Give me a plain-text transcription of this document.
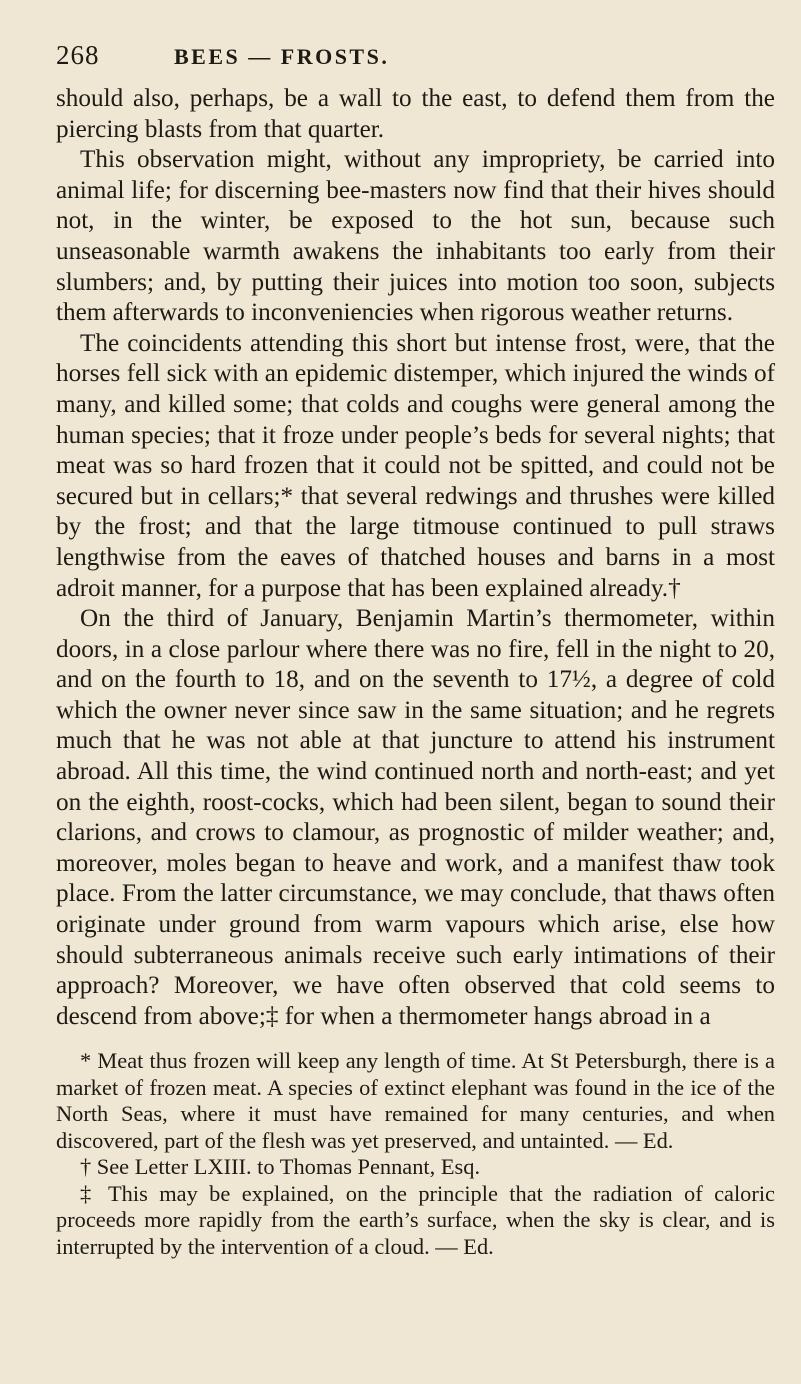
268	BEES — FROSTS.

should also, perhaps, be a wall to the east, to defend them from the piercing blasts from that quarter.

This observation might, without any impropriety, be carried into animal life; for discerning bee-masters now find that their hives should not, in the winter, be exposed to the hot sun, because such unseasonable warmth awakens the inhabitants too early from their slumbers; and, by putting their juices into motion too soon, subjects them afterwards to inconveniencies when rigorous weather returns.

The coincidents attending this short but intense frost, were, that the horses fell sick with an epidemic distemper, which injured the winds of many, and killed some; that colds and coughs were general among the human species; that it froze under people’s beds for several nights; that meat was so hard frozen that it could not be spitted, and could not be secured but in cellars;* that several redwings and thrushes were killed by the frost; and that the large titmouse continued to pull straws lengthwise from the eaves of thatched houses and barns in a most adroit manner, for a purpose that has been explained already.†

On the third of January, Benjamin Martin’s thermometer, within doors, in a close parlour where there was no fire, fell in the night to 20, and on the fourth to 18, and on the seventh to 17½, a degree of cold which the owner never since saw in the same situation; and he regrets much that he was not able at that juncture to attend his instrument abroad. All this time, the wind continued north and north-east; and yet on the eighth, roost-cocks, which had been silent, began to sound their clarions, and crows to clamour, as prognostic of milder weather; and, moreover, moles began to heave and work, and a manifest thaw took place. From the latter circumstance, we may conclude, that thaws often originate under ground from warm vapours which arise, else how should subterraneous animals receive such early intimations of their approach? Moreover, we have often observed that cold seems to descend from above;‡ for when a thermometer hangs abroad in a

* Meat thus frozen will keep any length of time. At St Petersburgh, there is a market of frozen meat. A species of extinct elephant was found in the ice of the North Seas, where it must have remained for many centuries, and when discovered, part of the flesh was yet preserved, and untainted. — Ed.

† See Letter LXIII. to Thomas Pennant, Esq.

‡ This may be explained, on the principle that the radiation of caloric proceeds more rapidly from the earth’s surface, when the sky is clear, and is interrupted by the intervention of a cloud. — Ed.
